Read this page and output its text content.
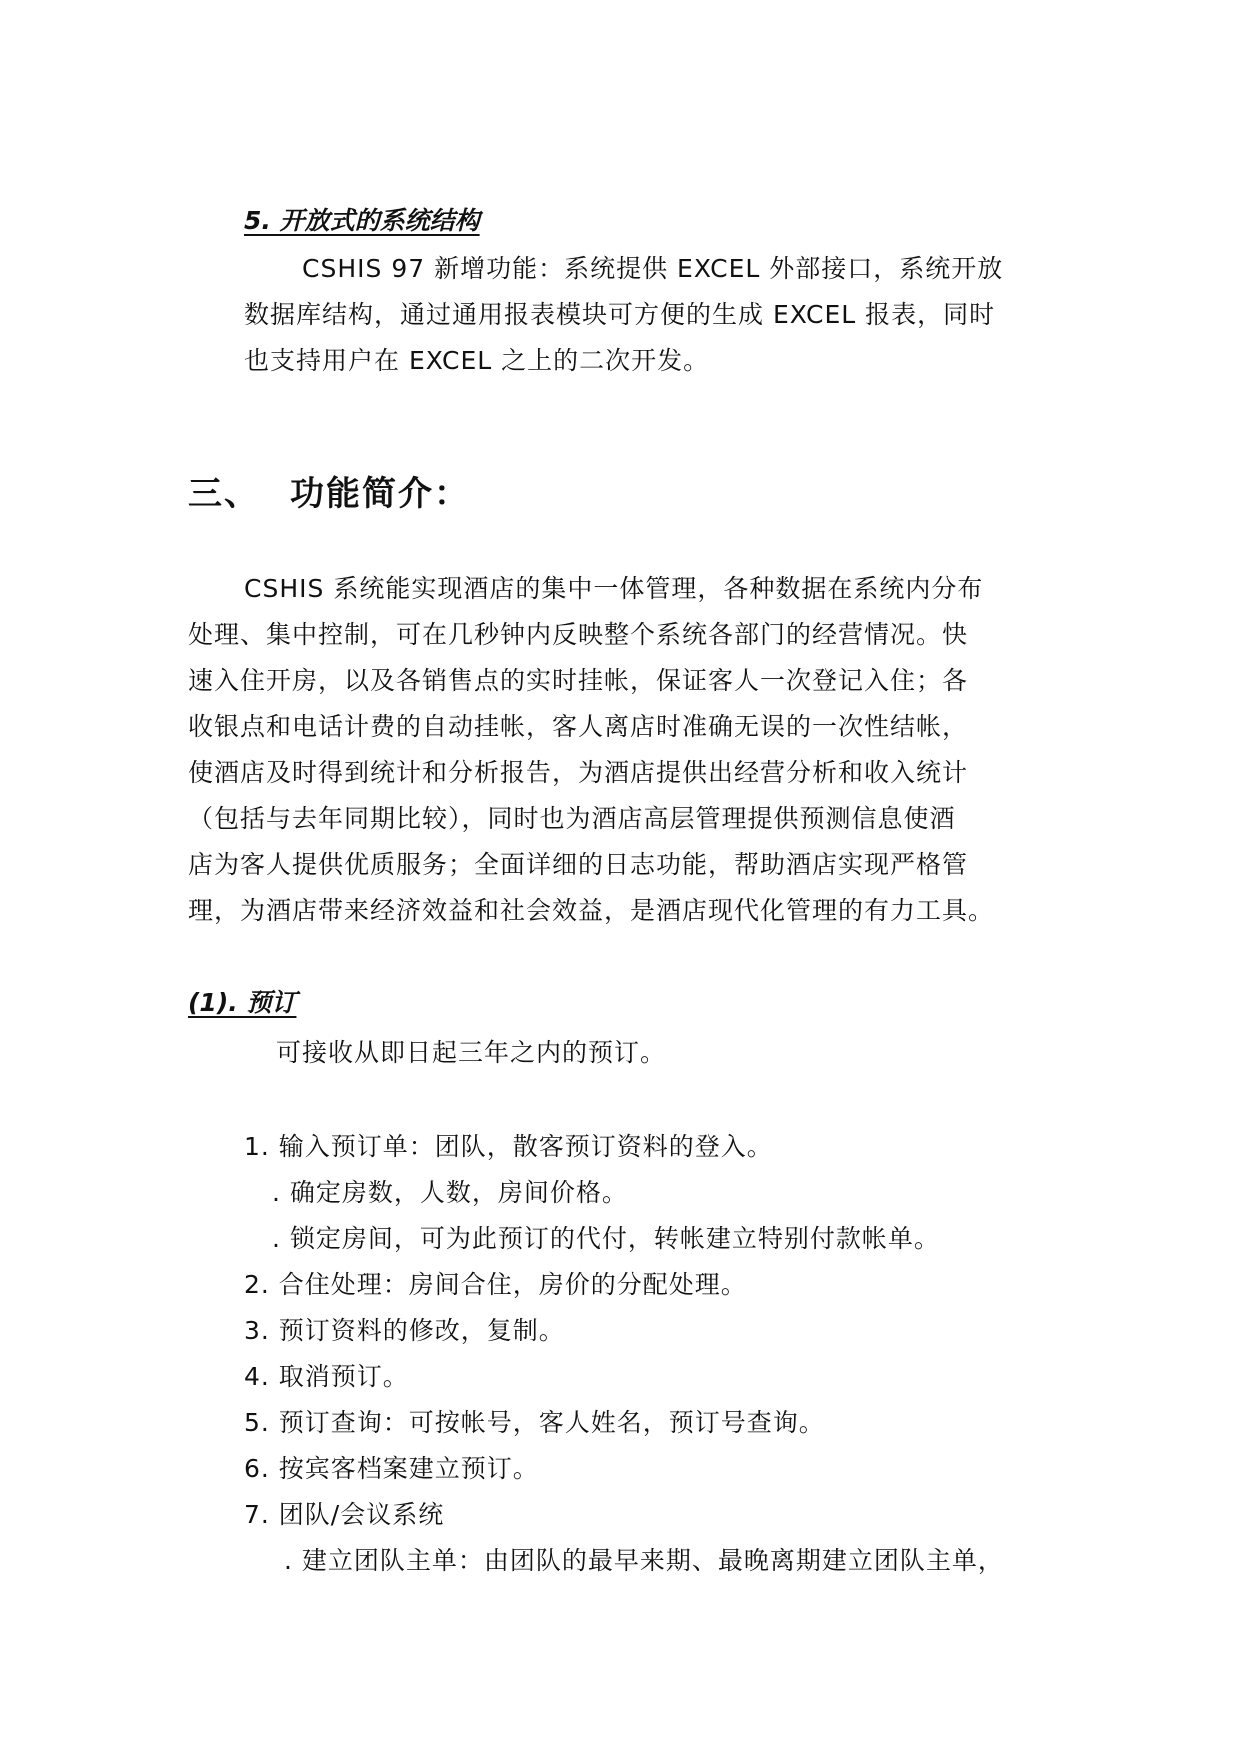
5. 开放式的系统结构
CSHIS 97 新增功能：系统提供 EXCEL 外部接口，系统开放
数据库结构，通过通用报表模块可方便的生成 EXCEL 报表，同时
也支持用户在 EXCEL 之上的二次开发。
三、 功能简介：
CSHIS 系统能实现酒店的集中一体管理，各种数据在系统内分布
处理、集中控制，可在几秒钟内反映整个系统各部门的经营情况。快
速入住开房，以及各销售点的实时挂帐，保证客人一次登记入住；各
收银点和电话计费的自动挂帐，客人离店时准确无误的一次性结帐，
使酒店及时得到统计和分析报告，为酒店提供出经营分析和收入统计
（包括与去年同期比较），同时也为酒店高层管理提供预测信息使酒
店为客人提供优质服务；全面详细的日志功能，帮助酒店实现严格管
理，为酒店带来经济效益和社会效益，是酒店现代化管理的有力工具。
(1). 预订
可接收从即日起三年之内的预订。
1. 输入预订单：团队，散客预订资料的登入。
. 确定房数，人数，房间价格。
. 锁定房间，可为此预订的代付，转帐建立特别付款帐单。
2. 合住处理：房间合住，房价的分配处理。
3. 预订资料的修改，复制。
4. 取消预订。
5. 预订查询：可按帐号，客人姓名，预订号查询。
6. 按宾客档案建立预订。
7. 团队/会议系统
. 建立团队主单：由团队的最早来期、最晚离期建立团队主单，
